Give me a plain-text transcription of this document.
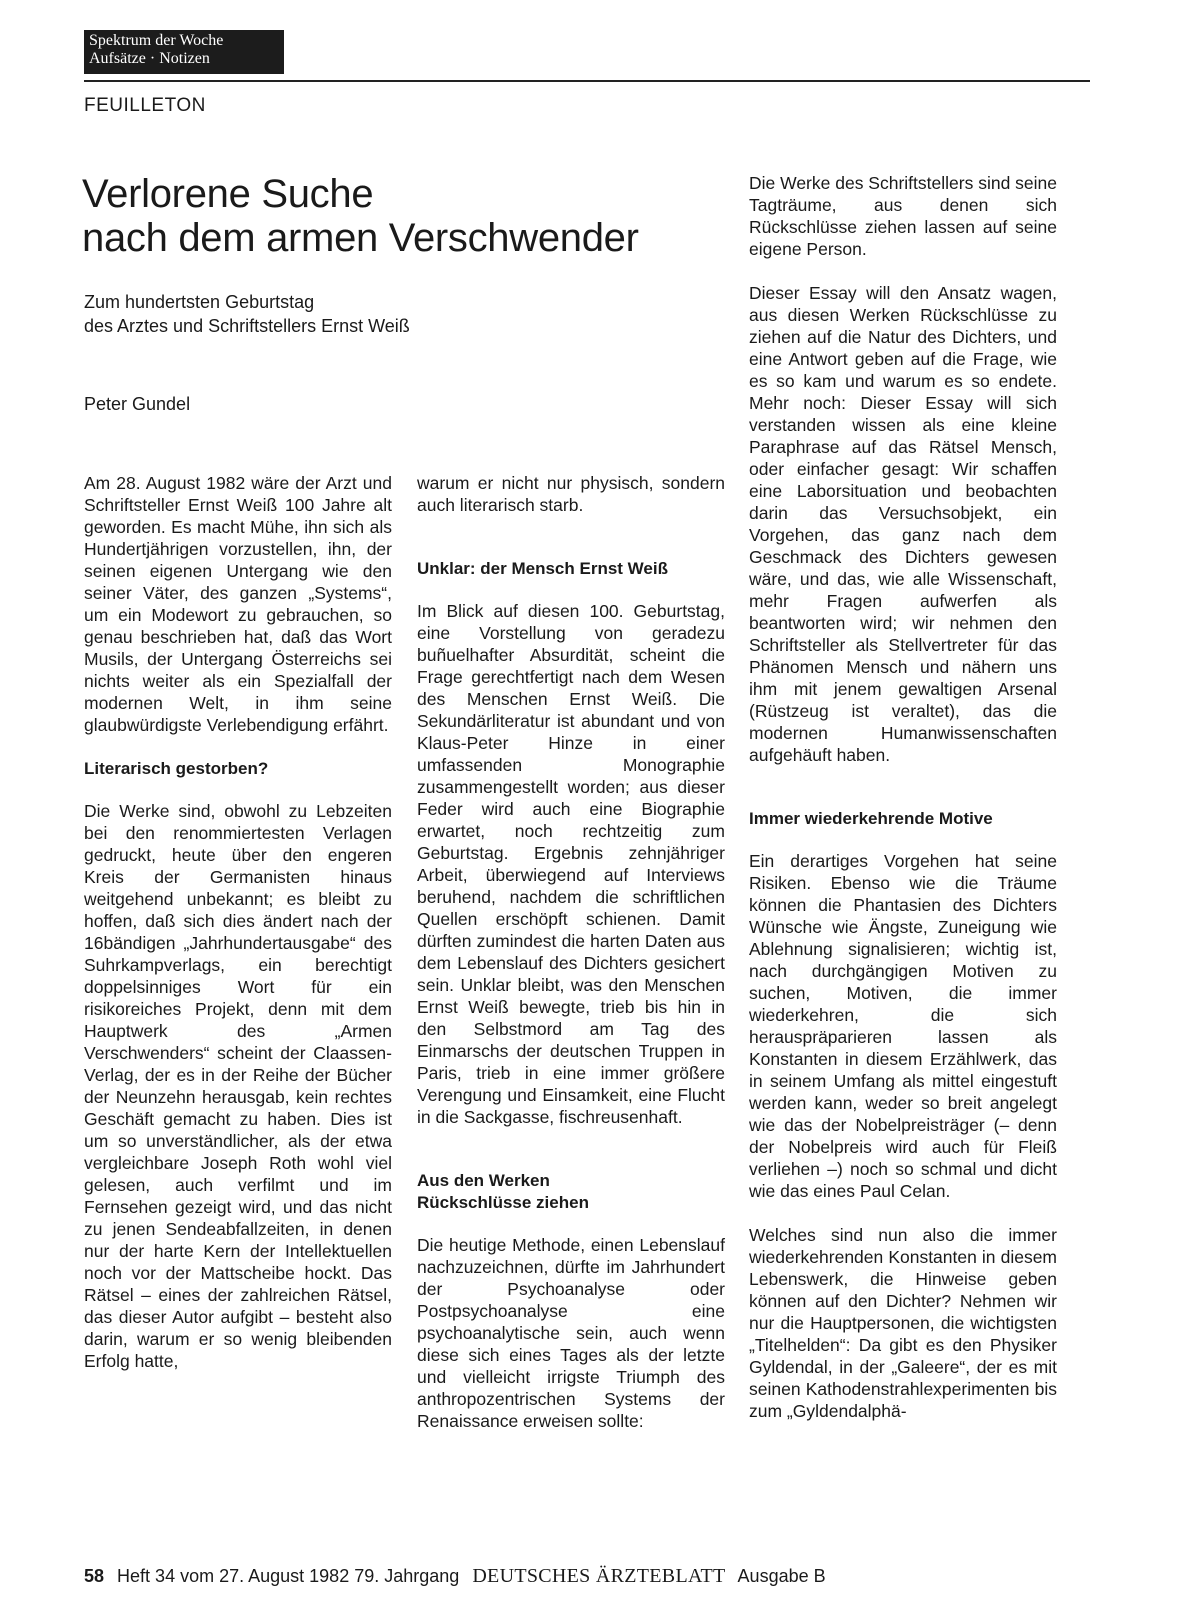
Spektrum der Woche
Aufsätze · Notizen
FEUILLETON
Verlorene Suche
nach dem armen Verschwender
Zum hundertsten Geburtstag
des Arztes und Schriftstellers Ernst Weiß
Peter Gundel

Am 28. August 1982 wäre der Arzt und Schriftsteller Ernst Weiß 100 Jahre alt geworden. Es macht Mühe, ihn sich als Hundertjährigen vorzustellen, ihn, der seinen eigenen Untergang wie den seiner Väter, des ganzen „Systems“, um ein Modewort zu gebrauchen, so genau beschrieben hat, daß das Wort Musils, der Untergang Österreichs sei nichts weiter als ein Spezialfall der modernen Welt, in ihm seine glaubwürdigste Verlebendigung erfährt.

Literarisch gestorben?

Die Werke sind, obwohl zu Lebzeiten bei den renommiertesten Verlagen gedruckt, heute über den engeren Kreis der Germanisten hinaus weitgehend unbekannt; es bleibt zu hoffen, daß sich dies ändert nach der 16bändigen „Jahrhundertausgabe“ des Suhrkampverlags, ein berechtigt doppelsinniges Wort für ein risikoreiches Projekt, denn mit dem Hauptwerk des „Armen Verschwenders“ scheint der Claassen-Verlag, der es in der Reihe der Bücher der Neunzehn herausgab, kein rechtes Geschäft gemacht zu haben. Dies ist um so unverständlicher, als der etwa vergleichbare Joseph Roth wohl viel gelesen, auch verfilmt und im Fernsehen gezeigt wird, und das nicht zu jenen Sendeabfallzeiten, in denen nur der harte Kern der Intellektuellen noch vor der Mattscheibe hockt. Das Rätsel – eines der zahlreichen Rätsel, das dieser Autor aufgibt – besteht also darin, warum er so wenig bleibenden Erfolg hatte,

warum er nicht nur physisch, sondern auch literarisch starb.

Unklar: der Mensch Ernst Weiß

Im Blick auf diesen 100. Geburtstag, eine Vorstellung von geradezu buñuelhafter Absurdität, scheint die Frage gerechtfertigt nach dem Wesen des Menschen Ernst Weiß. Die Sekundärliteratur ist abundant und von Klaus-Peter Hinze in einer umfassenden Monographie zusammengestellt worden; aus dieser Feder wird auch eine Biographie erwartet, noch rechtzeitig zum Geburtstag. Ergebnis zehnjähriger Arbeit, überwiegend auf Interviews beruhend, nachdem die schriftlichen Quellen erschöpft schienen. Damit dürften zumindest die harten Daten aus dem Lebenslauf des Dichters gesichert sein. Unklar bleibt, was den Menschen Ernst Weiß bewegte, trieb bis hin in den Selbstmord am Tag des Einmarschs der deutschen Truppen in Paris, trieb in eine immer größere Verengung und Einsamkeit, eine Flucht in die Sackgasse, fischreusenhaft.

Aus den Werken
Rückschlüsse ziehen

Die heutige Methode, einen Lebenslauf nachzuzeichnen, dürfte im Jahrhundert der Psychoanalyse oder Postpsychoanalyse eine psychoanalytische sein, auch wenn diese sich eines Tages als der letzte und vielleicht irrigste Triumph des anthropozentrischen Systems der Renaissance erweisen sollte:

Die Werke des Schriftstellers sind seine Tagträume, aus denen sich Rückschlüsse ziehen lassen auf seine eigene Person.

Dieser Essay will den Ansatz wagen, aus diesen Werken Rückschlüsse zu ziehen auf die Natur des Dichters, und eine Antwort geben auf die Frage, wie es so kam und warum es so endete. Mehr noch: Dieser Essay will sich verstanden wissen als eine kleine Paraphrase auf das Rätsel Mensch, oder einfacher gesagt: Wir schaffen eine Laborsituation und beobachten darin das Versuchsobjekt, ein Vorgehen, das ganz nach dem Geschmack des Dichters gewesen wäre, und das, wie alle Wissenschaft, mehr Fragen aufwerfen als beantworten wird; wir nehmen den Schriftsteller als Stellvertreter für das Phänomen Mensch und nähern uns ihm mit jenem gewaltigen Arsenal (Rüstzeug ist veraltet), das die modernen Humanwissenschaften aufgehäuft haben.

Immer wiederkehrende Motive

Ein derartiges Vorgehen hat seine Risiken. Ebenso wie die Träume können die Phantasien des Dichters Wünsche wie Ängste, Zuneigung wie Ablehnung signalisieren; wichtig ist, nach durchgängigen Motiven zu suchen, Motiven, die immer wiederkehren, die sich herauspräparieren lassen als Konstanten in diesem Erzählwerk, das in seinem Umfang als mittel eingestuft werden kann, weder so breit angelegt wie das der Nobelpreisträger (– denn der Nobelpreis wird auch für Fleiß verliehen –) noch so schmal und dicht wie das eines Paul Celan.

Welches sind nun also die immer wiederkehrenden Konstanten in diesem Lebenswerk, die Hinweise geben können auf den Dichter? Nehmen wir nur die Hauptpersonen, die wichtigsten „Titelhelden“: Da gibt es den Physiker Gyldendal, in der „Galeere“, der es mit seinen Kathodenstrahlexperimenten bis zum „Gyldendalphä-

58 Heft 34 vom 27. August 1982 79. Jahrgang DEUTSCHES ÄRZTEBLATT Ausgabe B
